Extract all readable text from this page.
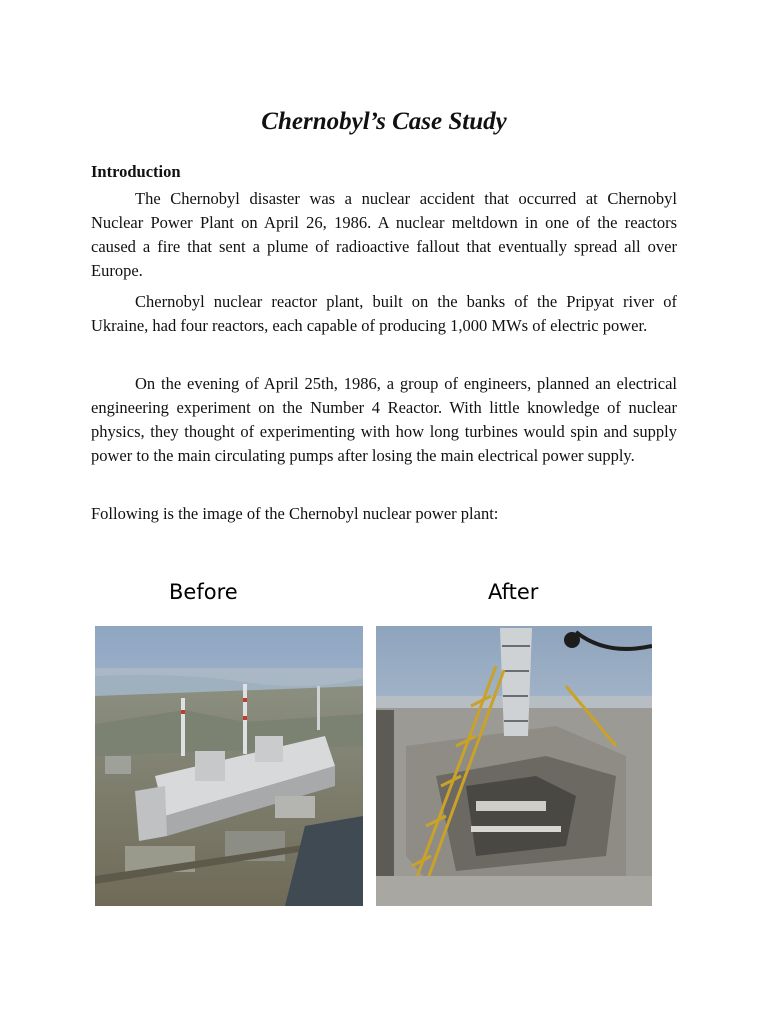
Chernobyl’s Case Study
Introduction

The Chernobyl disaster was a nuclear accident that occurred at Chernobyl Nuclear Power Plant on April 26, 1986. A nuclear meltdown in one of the reactors caused a fire that sent a plume of radioactive fallout that eventually spread all over Europe.

Chernobyl nuclear reactor plant, built on the banks of the Pripyat river of Ukraine, had four reactors, each capable of producing 1,000 MWs of electric power.

On the evening of April 25th, 1986, a group of engineers, planned an electrical engineering experiment on the Number 4 Reactor. With little knowledge of nuclear physics, they thought of experimenting with how long turbines would spin and supply power to the main circulating pumps after losing the main electrical power supply.

Following is the image of the Chernobyl nuclear power plant:

Before	After
